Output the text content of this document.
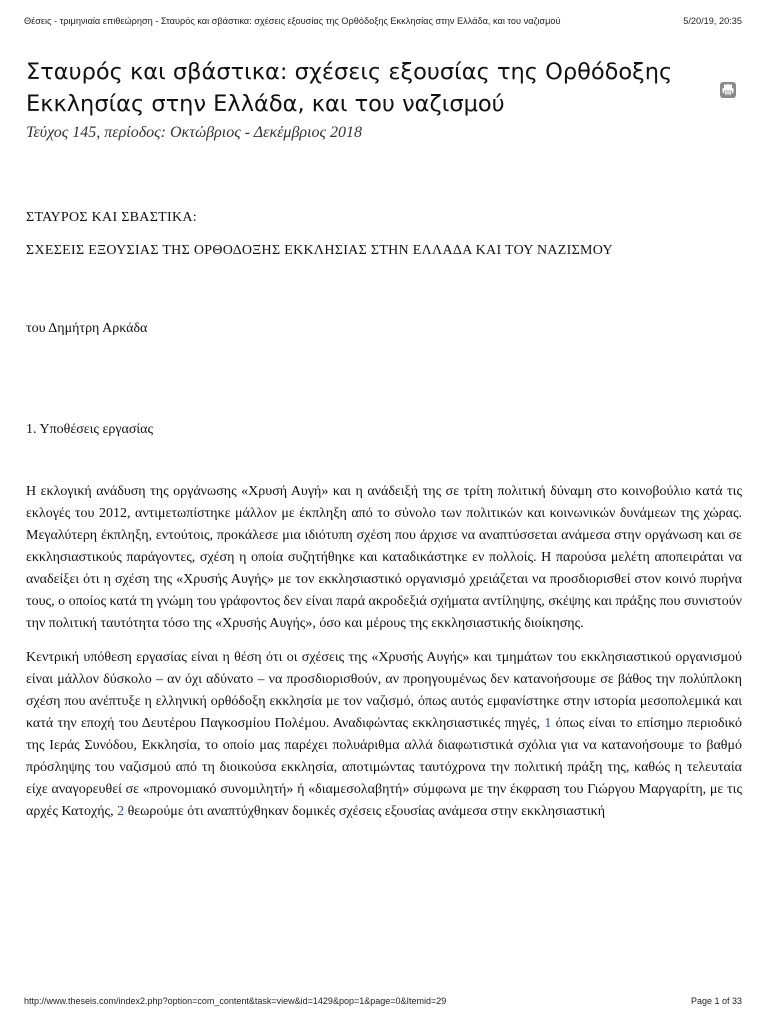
Θέσεις - τριμηνιαία επιθεώρηση - Σταυρός και σβάστικα: σχέσεις εξουσίας της Ορθόδοξης Εκκλησίας στην Ελλάδα, και του ναζισμού	5/20/19, 20:35
Σταυρός και σβάστικα: σχέσεις εξουσίας της Ορθόδοξης Εκκλησίας στην Ελλάδα, και του ναζισμού

Τεύχος 145, περίοδος: Οκτώβριος - Δεκέμβριος 2018

ΣΤΑΥΡΟΣ ΚΑΙ ΣΒΑΣΤΙΚΑ:

ΣΧΕΣΕΙΣ ΕΞΟΥΣΙΑΣ ΤΗΣ ΟΡΘΟΔΟΞΗΣ ΕΚΚΛΗΣΙΑΣ ΣΤΗΝ ΕΛΛΑΔΑ ΚΑΙ ΤΟΥ ΝΑΖΙΣΜΟΥ

του Δημήτρη Αρκάδα

1. Υποθέσεις εργασίας

Η εκλογική ανάδυση της οργάνωσης «Χρυσή Αυγή» και η ανάδειξή της σε τρίτη πολιτική δύναμη στο κοινοβούλιο κατά τις εκλογές του 2012, αντιμετωπίστηκε μάλλον με έκπληξη από το σύνολο των πολιτικών και κοινωνικών δυνάμεων της χώρας. Μεγαλύτερη έκπληξη, εντούτοις, προκάλεσε μια ιδιότυπη σχέση που άρχισε να αναπτύσσεται ανάμεσα στην οργάνωση και σε εκκλησιαστικούς παράγοντες, σχέση η οποία συζητήθηκε και καταδικάστηκε εν πολλοίς. Η παρούσα μελέτη αποπειράται να αναδείξει ότι η σχέση της «Χρυσής Αυγής» με τον εκκλησιαστικό οργανισμό χρειάζεται να προσδιορισθεί στον κοινό πυρήνα τους, ο οποίος κατά τη γνώμη του γράφοντος δεν είναι παρά ακροδεξιά σχήματα αντίληψης, σκέψης και πράξης που συνιστούν την πολιτική ταυτότητα τόσο της «Χρυσής Αυγής», όσο και μέρους της εκκλησιαστικής διοίκησης.

Κεντρική υπόθεση εργασίας είναι η θέση ότι οι σχέσεις της «Χρυσής Αυγής» και τμημάτων του εκκλησιαστικού οργανισμού είναι μάλλον δύσκολο – αν όχι αδύνατο – να προσδιορισθούν, αν προηγουμένως δεν κατανοήσουμε σε βάθος την πολύπλοκη σχέση που ανέπτυξε η ελληνική ορθόδοξη εκκλησία με τον ναζισμό, όπως αυτός εμφανίστηκε στην ιστορία μεσοπολεμικά και κατά την εποχή του Δευτέρου Παγκοσμίου Πολέμου. Αναδιφώντας εκκλησιαστικές πηγές, 1 όπως είναι το επίσημο περιοδικό της Ιεράς Συνόδου, Εκκλησία, το οποίο μας παρέχει πολυάριθμα αλλά διαφωτιστικά σχόλια για να κατανοήσουμε το βαθμό πρόσληψης του ναζισμού από τη διοικούσα εκκλησία, αποτιμώντας ταυτόχρονα την πολιτική πράξη της, καθώς η τελευταία είχε αναγορευθεί σε «προνομιακό συνομιλητή» ή «διαμεσολαβητή» σύμφωνα με την έκφραση του Γιώργου Μαργαρίτη, με τις αρχές Κατοχής, 2 θεωρούμε ότι αναπτύχθηκαν δομικές σχέσεις εξουσίας ανάμεσα στην εκκλησιαστική

http://www.theseis.com/index2.php?option=com_content&task=view&id=1429&pop=1&page=0&Itemid=29	Page 1 of 33
